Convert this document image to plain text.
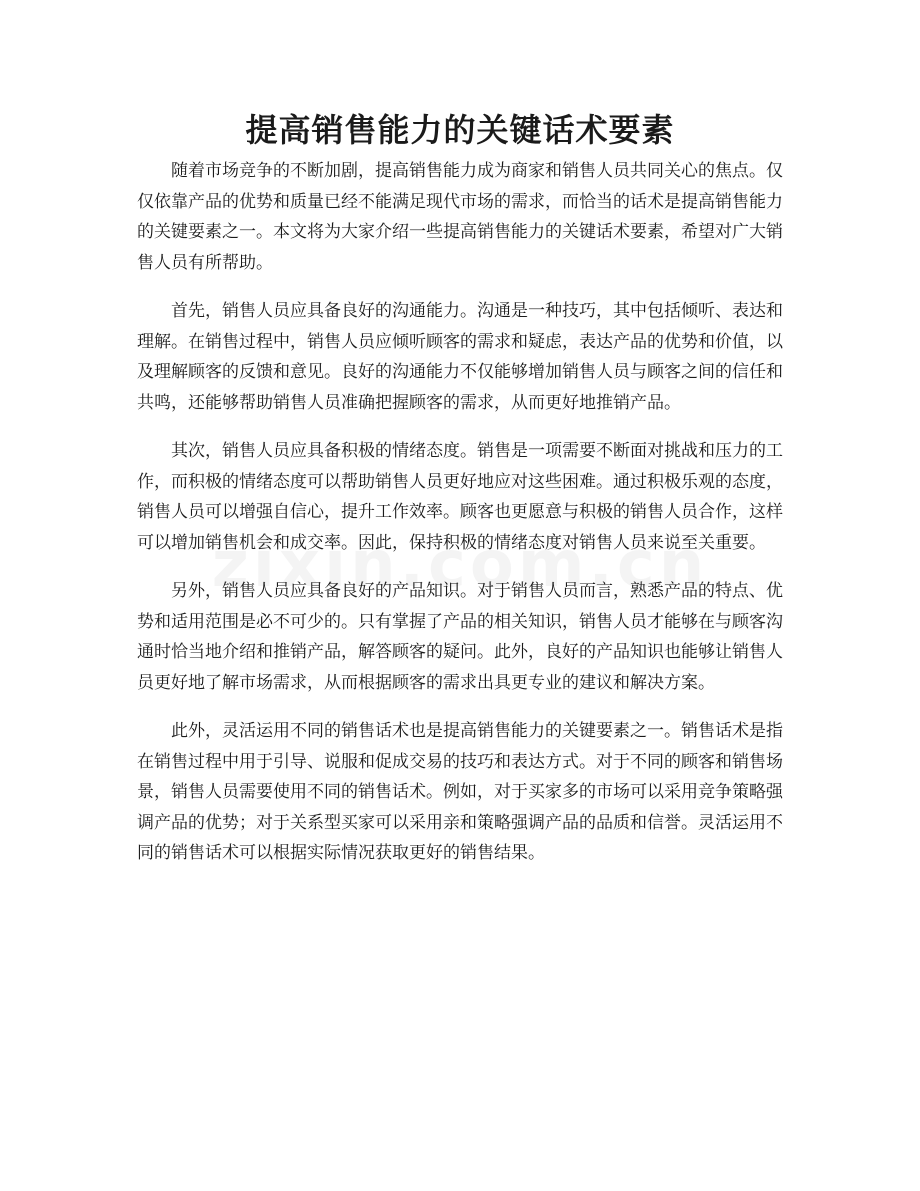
提高销售能力的关键话术要素

随着市场竞争的不断加剧，提高销售能力成为商家和销售人员共同关心的焦点。仅仅依靠产品的优势和质量已经不能满足现代市场的需求，而恰当的话术是提高销售能力的关键要素之一。本文将为大家介绍一些提高销售能力的关键话术要素，希望对广大销售人员有所帮助。

首先，销售人员应具备良好的沟通能力。沟通是一种技巧，其中包括倾听、表达和理解。在销售过程中，销售人员应倾听顾客的需求和疑虑，表达产品的优势和价值，以及理解顾客的反馈和意见。良好的沟通能力不仅能够增加销售人员与顾客之间的信任和共鸣，还能够帮助销售人员准确把握顾客的需求，从而更好地推销产品。

其次，销售人员应具备积极的情绪态度。销售是一项需要不断面对挑战和压力的工作，而积极的情绪态度可以帮助销售人员更好地应对这些困难。通过积极乐观的态度，销售人员可以增强自信心，提升工作效率。顾客也更愿意与积极的销售人员合作，这样可以增加销售机会和成交率。因此，保持积极的情绪态度对销售人员来说至关重要。

另外，销售人员应具备良好的产品知识。对于销售人员而言，熟悉产品的特点、优势和适用范围是必不可少的。只有掌握了产品的相关知识，销售人员才能够在与顾客沟通时恰当地介绍和推销产品，解答顾客的疑问。此外，良好的产品知识也能够让销售人员更好地了解市场需求，从而根据顾客的需求出具更专业的建议和解决方案。

此外，灵活运用不同的销售话术也是提高销售能力的关键要素之一。销售话术是指在销售过程中用于引导、说服和促成交易的技巧和表达方式。对于不同的顾客和销售场景，销售人员需要使用不同的销售话术。例如，对于买家多的市场可以采用竞争策略强调产品的优势；对于关系型买家可以采用亲和策略强调产品的品质和信誉。灵活运用不同的销售话术可以根据实际情况获取更好的销售结果。
